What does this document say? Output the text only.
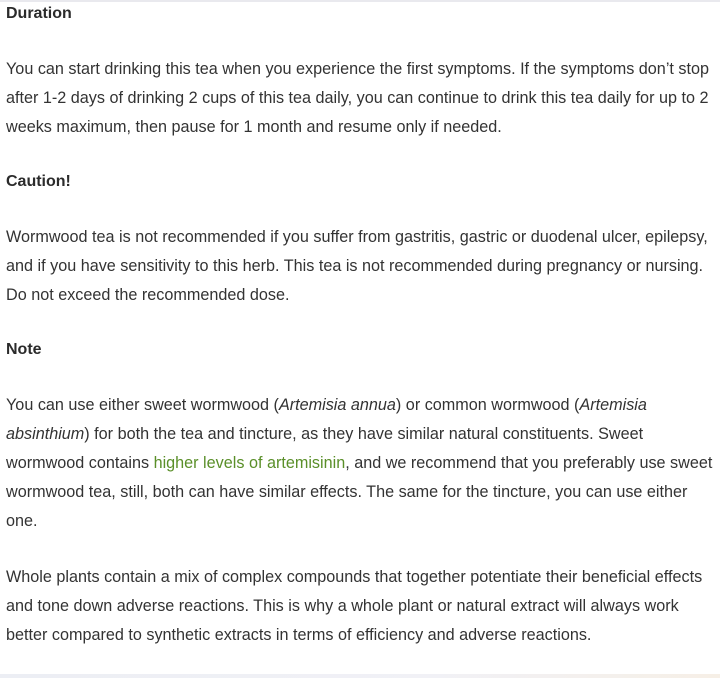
Duration

You can start drinking this tea when you experience the first symptoms. If the symptoms don’t stop after 1-2 days of drinking 2 cups of this tea daily, you can continue to drink this tea daily for up to 2 weeks maximum, then pause for 1 month and resume only if needed.

Caution!

Wormwood tea is not recommended if you suffer from gastritis, gastric or duodenal ulcer, epilepsy, and if you have sensitivity to this herb. This tea is not recommended during pregnancy or nursing. Do not exceed the recommended dose.

Note

You can use either sweet wormwood (Artemisia annua) or common wormwood (Artemisia absinthium) for both the tea and tincture, as they have similar natural constituents. Sweet wormwood contains higher levels of artemisinin, and we recommend that you preferably use sweet wormwood tea, still, both can have similar effects. The same for the tincture, you can use either one.

Whole plants contain a mix of complex compounds that together potentiate their beneficial effects and tone down adverse reactions. This is why a whole plant or natural extract will always work better compared to synthetic extracts in terms of efficiency and adverse reactions.
